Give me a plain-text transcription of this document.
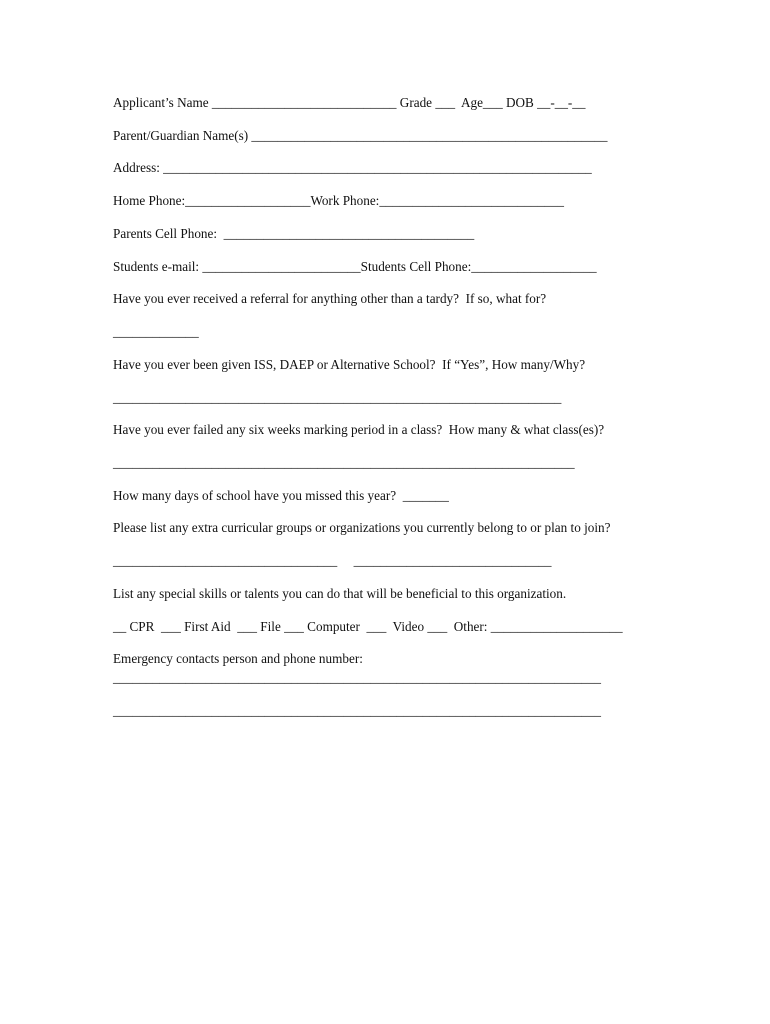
Applicant’s Name ____________________________ Grade ___  Age___ DOB __-__-__
Parent/Guardian Name(s) ______________________________________________________
Address: _________________________________________________________________
Home Phone:___________________Work Phone:____________________________
Parents Cell Phone:  ______________________________________
Students e-mail: ________________________Students Cell Phone:___________________
Have you ever received a referral for anything other than a tardy?  If so, what for?
_____________
Have you ever been given ISS, DAEP or Alternative School?  If “Yes”, How many/Why?
____________________________________________________________________
Have you ever failed any six weeks marking period in a class?  How many & what class(es)?
______________________________________________________________________
How many days of school have you missed this year?  _______
Please list any extra curricular groups or organizations you currently belong to or plan to join?
__________________________________     ______________________________
List any special skills or talents you can do that will be beneficial to this organization.
__ CPR  ___ First Aid  ___ File ___ Computer  ___  Video ___  Other: ____________________
Emergency contacts person and phone number:
__________________________________________________________________________
__________________________________________________________________________
